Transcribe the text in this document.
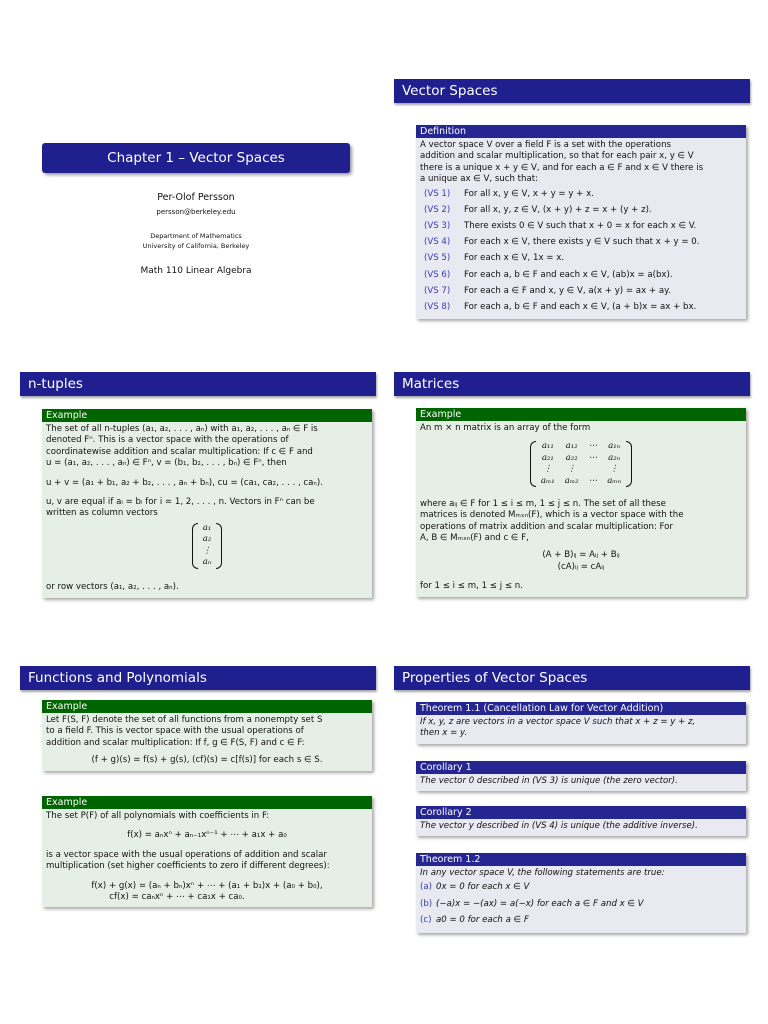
Chapter 1 – Vector Spaces
Per-Olof Persson
persson@berkeley.edu
Department of Mathematics
University of California, Berkeley
Math 110 Linear Algebra
Vector Spaces
Definition
A vector space V over a field F is a set with the operations
addition and scalar multiplication, so that for each pair x, y ∈ V
there is a unique x + y ∈ V, and for each a ∈ F and x ∈ V there is
a unique ax ∈ V, such that:
(VS 1) For all x, y ∈ V, x + y = y + x.
(VS 2) For all x, y, z ∈ V, (x + y) + z = x + (y + z).
(VS 3) There exists 0 ∈ V such that x + 0 = x for each x ∈ V.
(VS 4) For each x ∈ V, there exists y ∈ V such that x + y = 0.
(VS 5) For each x ∈ V, 1x = x.
(VS 6) For each a, b ∈ F and each x ∈ V, (ab)x = a(bx).
(VS 7) For each a ∈ F and x, y ∈ V, a(x + y) = ax + ay.
(VS 8) For each a, b ∈ F and each x ∈ V, (a + b)x = ax + bx.
n-tuples
Example
The set of all n-tuples (a₁, a₂, . . . , aₙ) with a₁, a₂, . . . , aₙ ∈ F is
denoted Fⁿ. This is a vector space with the operations of
coordinatewise addition and scalar multiplication: If c ∈ F and
u = (a₁, a₂, . . . , aₙ) ∈ Fⁿ, v = (b₁, b₂, . . . , bₙ) ∈ Fⁿ, then
u + v = (a₁ + b₁, a₂ + b₂, . . . , aₙ + bₙ), cu = (ca₁, ca₂, . . . , caₙ).
u, v are equal if aᵢ = bᵢ for i = 1, 2, . . . , n. Vectors in Fⁿ can be
written as column vectors
a₁
a₂
⋮
aₙ
or row vectors (a₁, a₂, . . . , aₙ).
Matrices
Example
An m × n matrix is an array of the form
a₁₁	a₁₂	⋯	a₁ₙ
a₂₁	a₂₂	⋯	a₂ₙ
⋮	⋮		⋮
aₘ₁	aₘ₂	⋯	aₘₙ
where aᵢⱼ ∈ F for 1 ≤ i ≤ m, 1 ≤ j ≤ n. The set of all these
matrices is denoted Mₘₓₙ(F), which is a vector space with the
operations of matrix addition and scalar multiplication: For
A, B ∈ Mₘₓₙ(F) and c ∈ F,
(A + B)ᵢⱼ = Aᵢⱼ + Bᵢⱼ
(cA)ᵢⱼ = cAᵢⱼ
for 1 ≤ i ≤ m, 1 ≤ j ≤ n.
Functions and Polynomials
Example
Let F(S, F) denote the set of all functions from a nonempty set S
to a field F. This is vector space with the usual operations of
addition and scalar multiplication: If f, g ∈ F(S, F) and c ∈ F:
(f + g)(s) = f(s) + g(s), (cf)(s) = c[f(s)] for each s ∈ S.
Example
The set P(F) of all polynomials with coefficients in F:
f(x) = aₙxⁿ + aₙ₋₁xⁿ⁻¹ + ⋯ + a₁x + a₀
is a vector space with the usual operations of addition and scalar
multiplication (set higher coefficients to zero if different degrees):
f(x) + g(x) = (aₙ + bₙ)xⁿ + ⋯ + (a₁ + b₁)x + (a₀ + b₀),
cf(x) = caₙxⁿ + ⋯ + ca₁x + ca₀.
Properties of Vector Spaces
Theorem 1.1 (Cancellation Law for Vector Addition)
If x, y, z are vectors in a vector space V such that x + z = y + z,
then x = y.
Corollary 1
The vector 0 described in (VS 3) is unique (the zero vector).
Corollary 2
The vector y described in (VS 4) is unique (the additive inverse).
Theorem 1.2
In any vector space V, the following statements are true:
(a) 0x = 0 for each x ∈ V
(b) (−a)x = −(ax) = a(−x) for each a ∈ F and x ∈ V
(c) a0 = 0 for each a ∈ F
